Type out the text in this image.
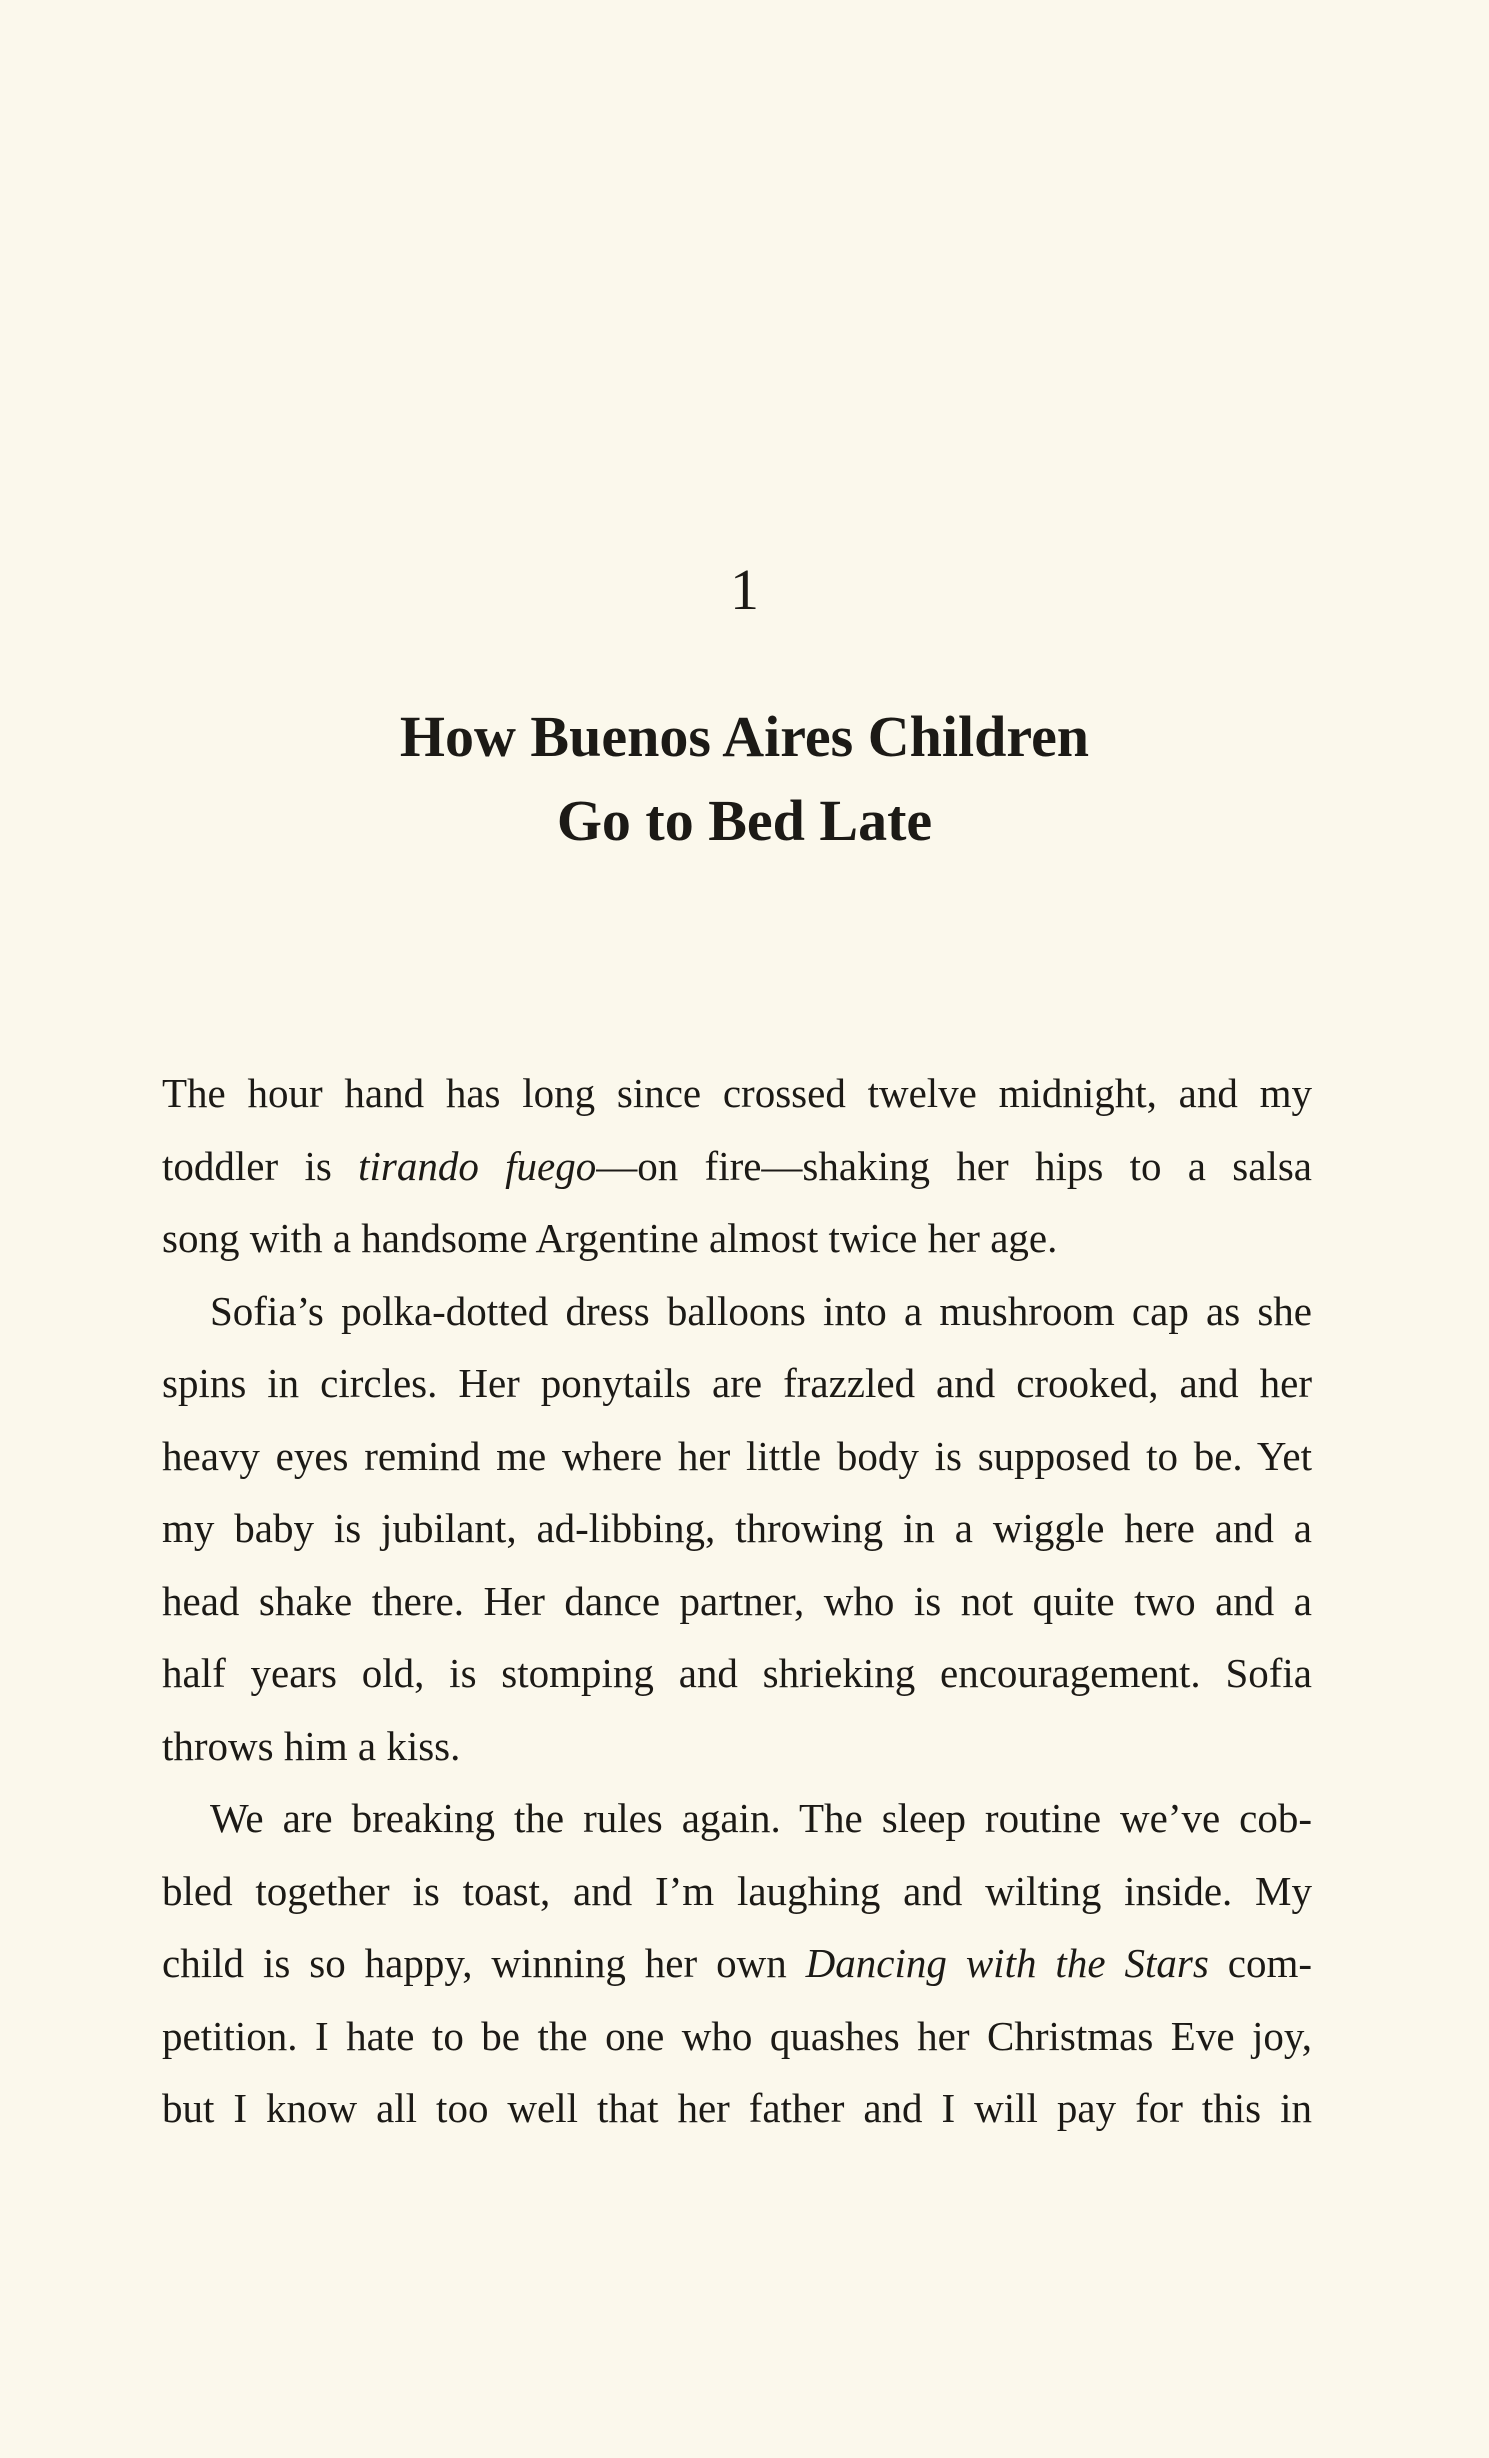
1
How Buenos Aires Children
Go to Bed Late
The hour hand has long since crossed twelve midnight, and my
toddler is tirando fuego—on fire—shaking her hips to a salsa
song with a handsome Argentine almost twice her age.
Sofia’s polka-dotted dress balloons into a mushroom cap as she
spins in circles. Her ponytails are frazzled and crooked, and her
heavy eyes remind me where her little body is supposed to be. Yet
my baby is jubilant, ad-libbing, throwing in a wiggle here and a
head shake there. Her dance partner, who is not quite two and a
half years old, is stomping and shrieking encouragement. Sofia
throws him a kiss.
We are breaking the rules again. The sleep routine we’ve cob-
bled together is toast, and I’m laughing and wilting inside. My
child is so happy, winning her own Dancing with the Stars com-
petition. I hate to be the one who quashes her Christmas Eve joy,
but I know all too well that her father and I will pay for this in
